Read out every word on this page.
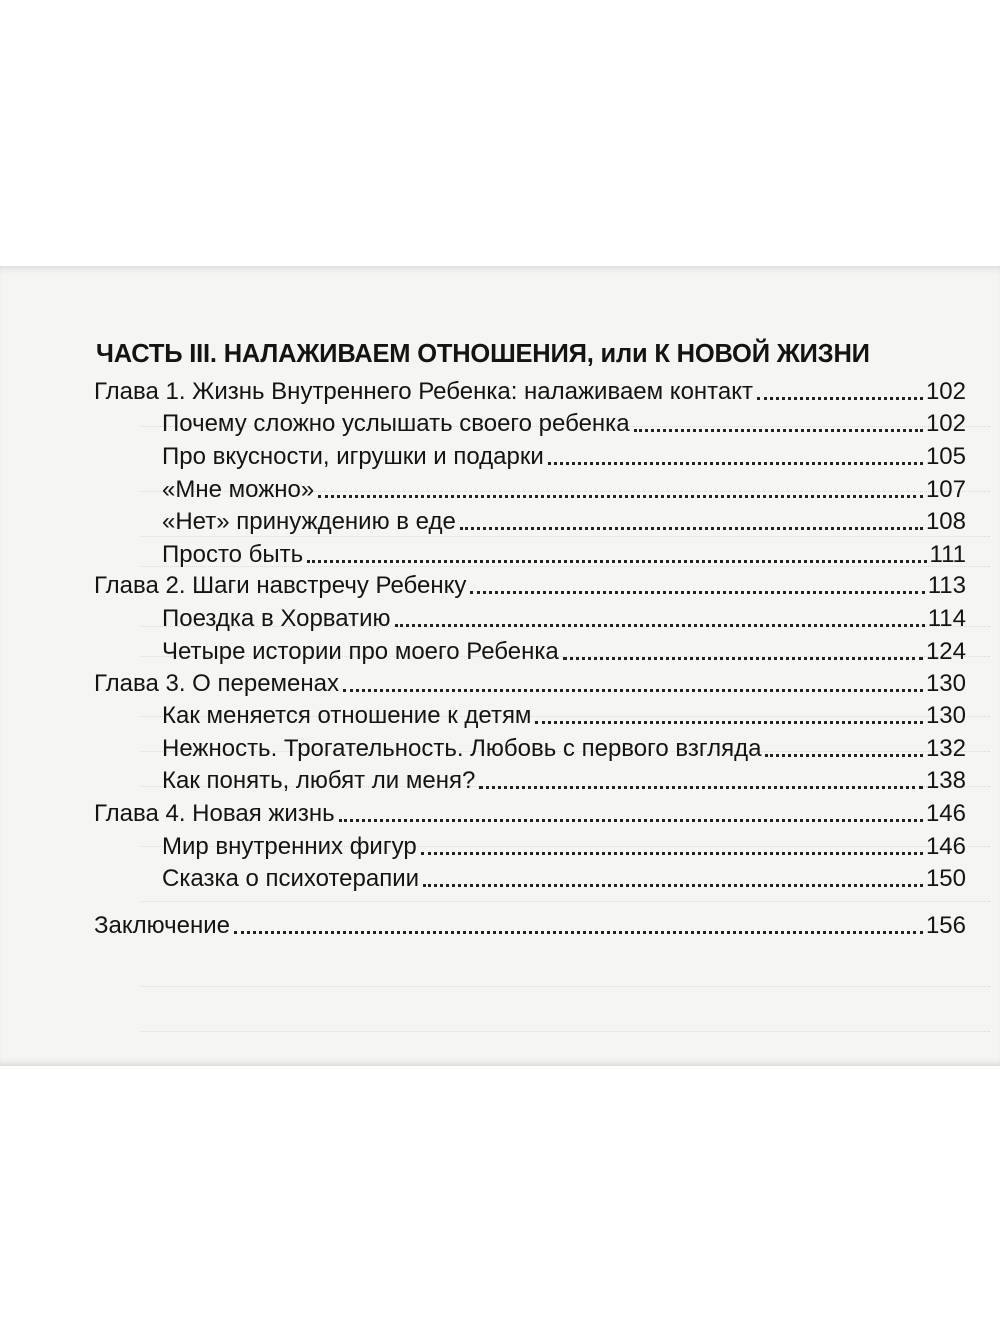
ЧАСТЬ III. НАЛАЖИВАЕМ ОТНОШЕНИЯ, или К НОВОЙ ЖИЗНИ
Глава 1. Жизнь Внутреннего Ребенка: налаживаем контакт	102
Почему сложно услышать своего ребенка	102
Про вкусности, игрушки и подарки	105
«Мне можно»	107
«Нет» принуждению в еде	108
Просто быть	111
Глава 2. Шаги навстречу Ребенку	113
Поездка в Хорватию	114
Четыре истории про моего Ребенка	124
Глава 3. О переменах	130
Как меняется отношение к детям	130
Нежность. Трогательность. Любовь с первого взгляда	132
Как понять, любят ли меня?	138
Глава 4. Новая жизнь	146
Мир внутренних фигур	146
Сказка о психотерапии	150
Заключение	156
